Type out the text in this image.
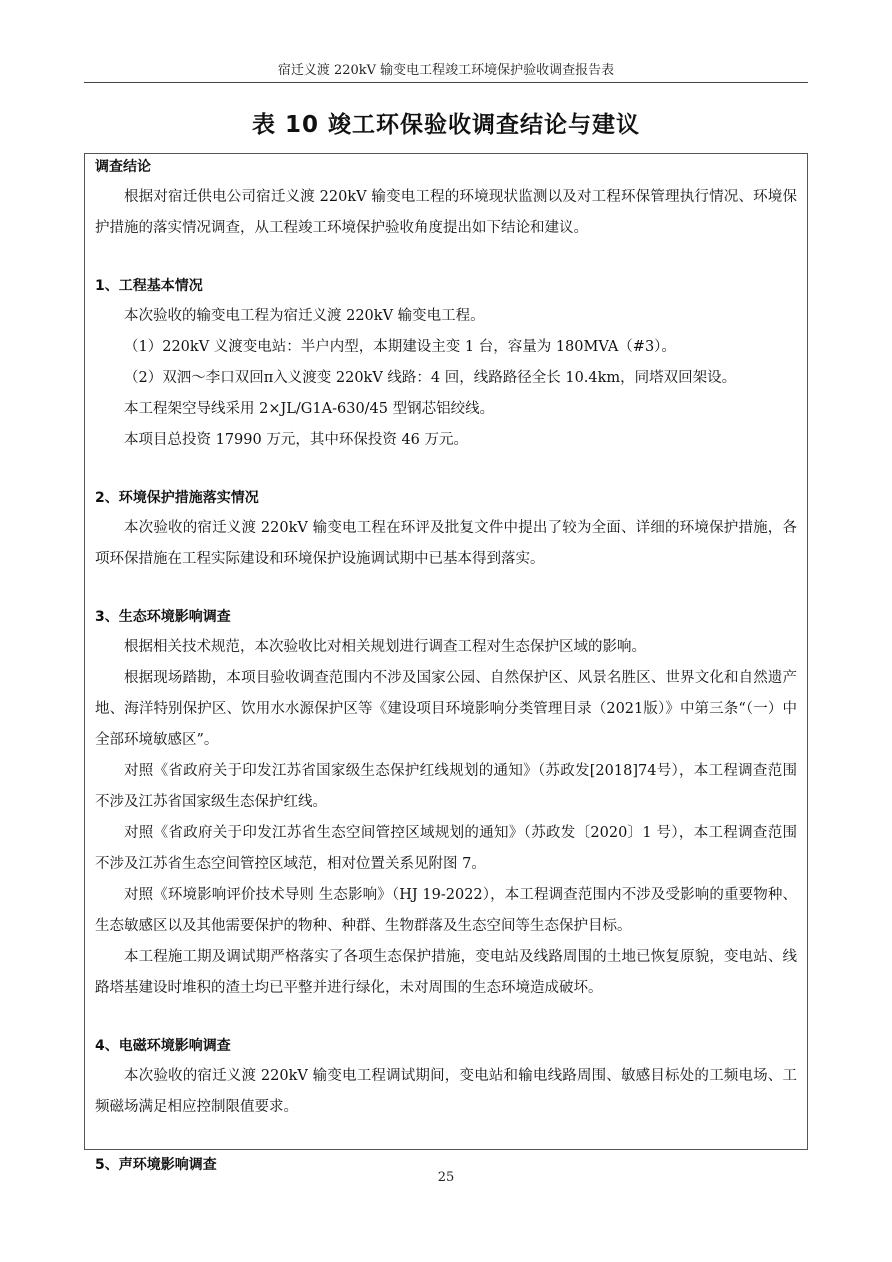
宿迁义渡 220kV 输变电工程竣工环境保护验收调查报告表
表 10 竣工环保验收调查结论与建议

调查结论

根据对宿迁供电公司宿迁义渡 220kV 输变电工程的环境现状监测以及对工程环保管理执行情况、环境保护措施的落实情况调查，从工程竣工环境保护验收角度提出如下结论和建议。

1、工程基本情况

本次验收的输变电工程为宿迁义渡 220kV 输变电工程。

（1）220kV 义渡变电站：半户内型，本期建设主变 1 台，容量为 180MVA（#3）。

（2）双泗～李口双回π入义渡变 220kV 线路：4 回，线路路径全长 10.4km，同塔双回架设。

本工程架空导线采用 2×JL/G1A-630/45 型钢芯铝绞线。

本项目总投资 17990 万元，其中环保投资 46 万元。

2、环境保护措施落实情况

本次验收的宿迁义渡 220kV 输变电工程在环评及批复文件中提出了较为全面、详细的环境保护措施，各项环保措施在工程实际建设和环境保护设施调试期中已基本得到落实。

3、生态环境影响调查

根据相关技术规范，本次验收比对相关规划进行调查工程对生态保护区域的影响。

根据现场踏勘，本项目验收调查范围内不涉及国家公园、自然保护区、风景名胜区、世界文化和自然遗产地、海洋特别保护区、饮用水水源保护区等《建设项目环境影响分类管理目录（2021版）》中第三条“（一）中全部环境敏感区”。

对照《省政府关于印发江苏省国家级生态保护红线规划的通知》（苏政发[2018]74号），本工程调查范围不涉及江苏省国家级生态保护红线。

对照《省政府关于印发江苏省生态空间管控区域规划的通知》（苏政发〔2020〕1 号），本工程调查范围不涉及江苏省生态空间管控区域范，相对位置关系见附图 7。

对照《环境影响评价技术导则 生态影响》（HJ 19-2022），本工程调查范围内不涉及受影响的重要物种、生态敏感区以及其他需要保护的物种、种群、生物群落及生态空间等生态保护目标。

本工程施工期及调试期严格落实了各项生态保护措施，变电站及线路周围的土地已恢复原貌，变电站、线路塔基建设时堆积的渣土均已平整并进行绿化，未对周围的生态环境造成破坏。

4、电磁环境影响调查

本次验收的宿迁义渡 220kV 输变电工程调试期间，变电站和输电线路周围、敏感目标处的工频电场、工频磁场满足相应控制限值要求。

5、声环境影响调查

25
